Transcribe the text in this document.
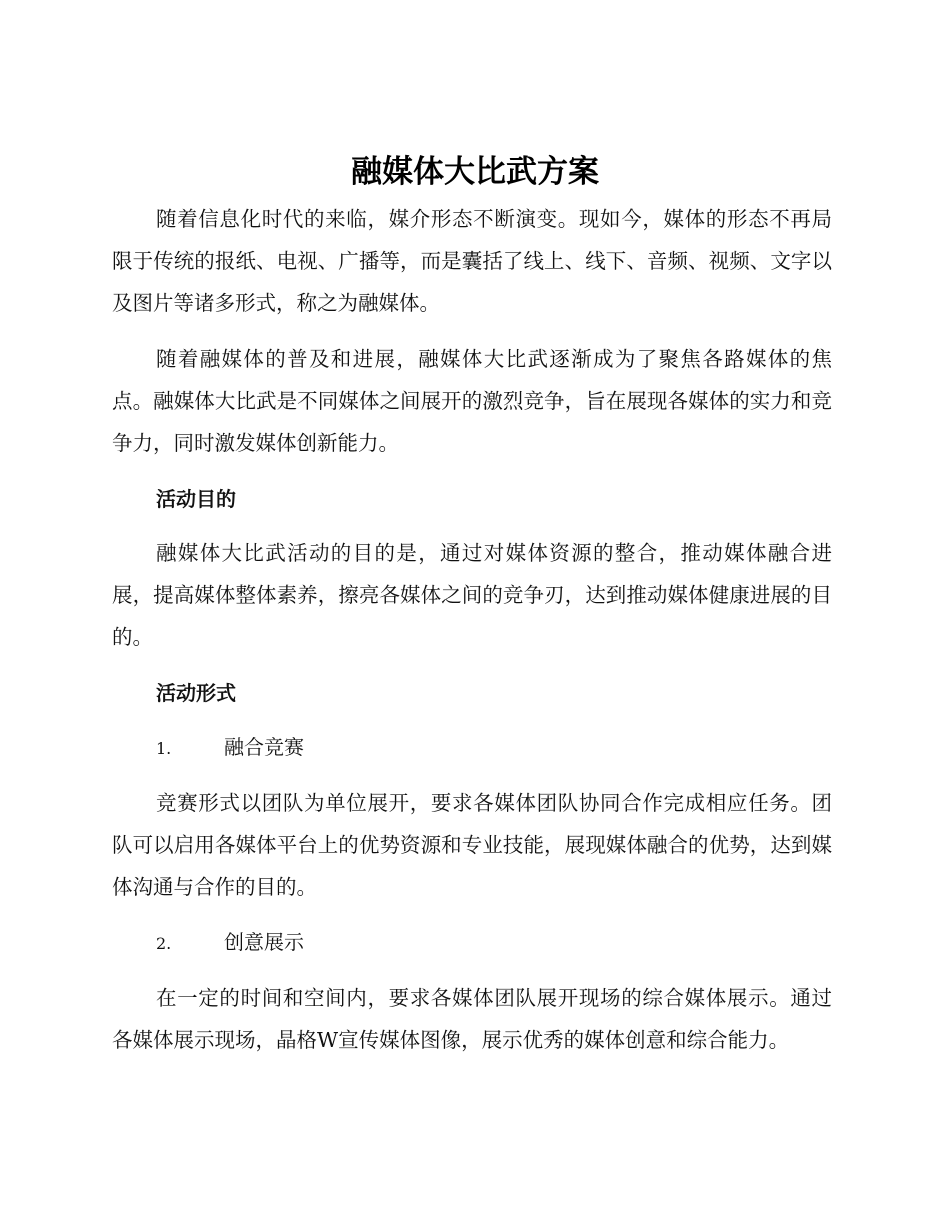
融媒体大比武方案

随着信息化时代的来临，媒介形态不断演变。现如今，媒体的形态不再局限于传统的报纸、电视、广播等，而是囊括了线上、线下、音频、视频、文字以及图片等诸多形式，称之为融媒体。

随着融媒体的普及和进展，融媒体大比武逐渐成为了聚焦各路媒体的焦点。融媒体大比武是不同媒体之间展开的激烈竞争，旨在展现各媒体的实力和竞争力，同时激发媒体创新能力。

活动目的

融媒体大比武活动的目的是，通过对媒体资源的整合，推动媒体融合进展，提高媒体整体素养，擦亮各媒体之间的竞争刃，达到推动媒体健康进展的目的。

活动形式
1.	融合竞赛

竞赛形式以团队为单位展开，要求各媒体团队协同合作完成相应任务。团队可以启用各媒体平台上的优势资源和专业技能，展现媒体融合的优势，达到媒体沟通与合作的目的。

2.	创意展示

在一定的时间和空间内，要求各媒体团队展开现场的综合媒体展示。通过各媒体展示现场，晶格W宣传媒体图像，展示优秀的媒体创意和综合能力。
